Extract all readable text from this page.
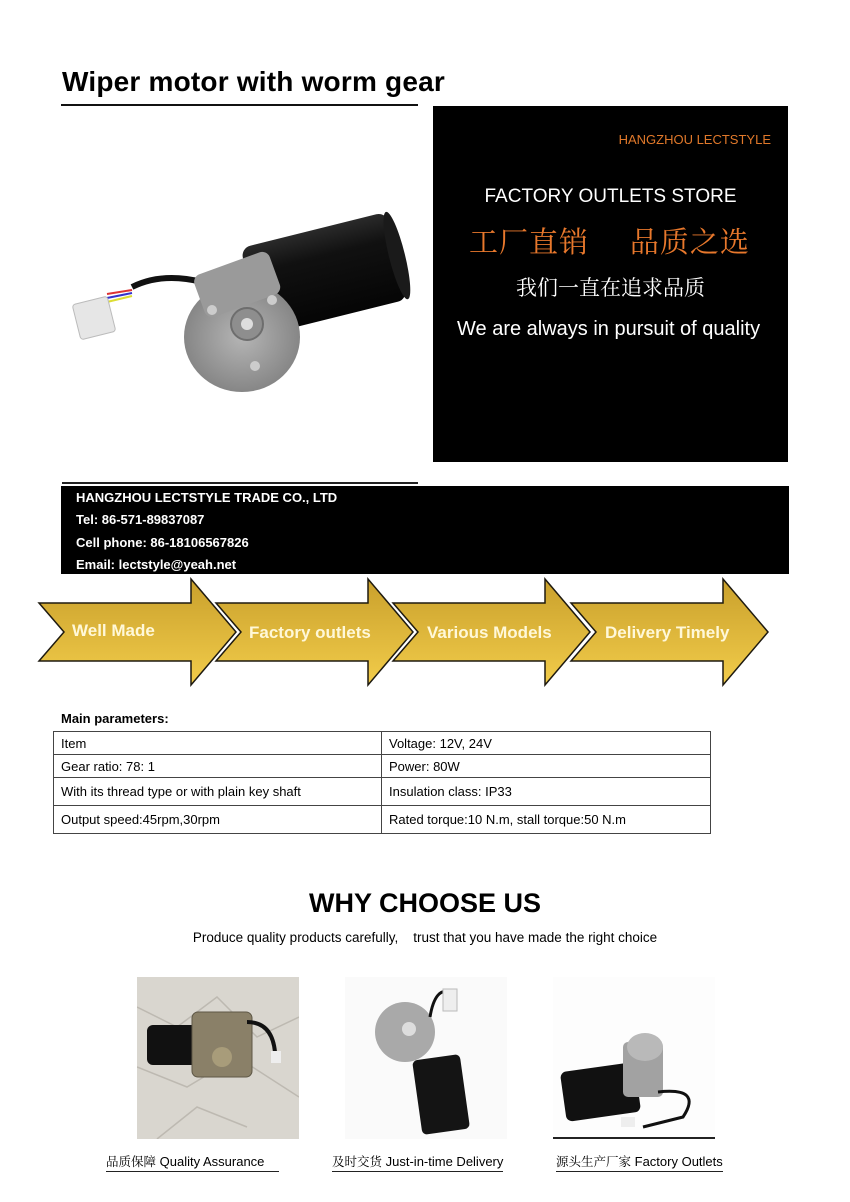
Wiper motor with worm gear
HANGZHOU LECTSTYLE
FACTORY OUTLETS STORE
工厂直销 品质之选
我们一直在追求品质
We are always in pursuit of quality
HANGZHOU LECTSTYLE TRADE CO., LTD
Tel: 86-571-89837087
Cell phone: 86-18106567826
Email: lectstyle@yeah.net
Well Made	Factory outlets	Various Models	Delivery Timely
Main parameters:
Item	Voltage: 12V, 24V
Gear ratio: 78: 1	Power: 80W
With its thread type or with plain key shaft	Insulation class: IP33
Output speed:45rpm,30rpm	Rated torque:10 N.m, stall torque:50 N.m
WHY CHOOSE US
Produce quality products carefully,    trust that you have made the right choice
品质保障 Quality Assurance	及时交货 Just-in-time Delivery	源头生产厂家 Factory Outlets
